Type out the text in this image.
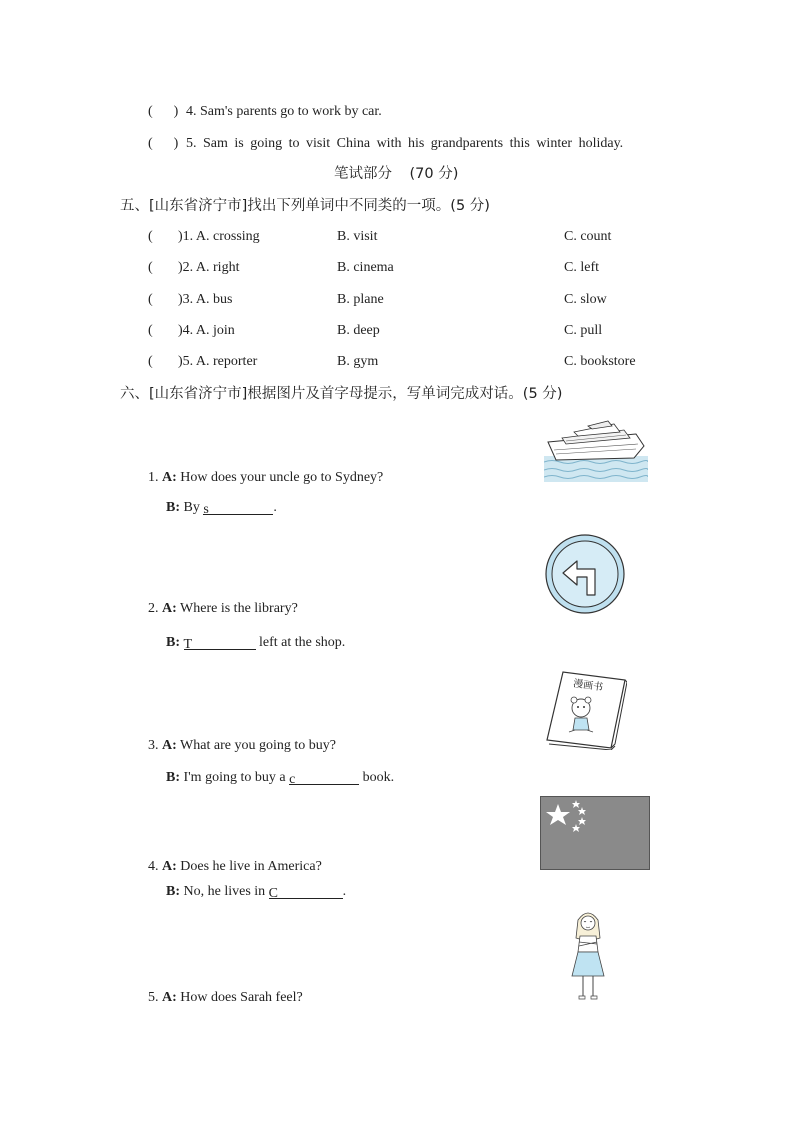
(      ) 4. Sam's parents go to work by car.
(      ) 5. Sam is going to visit China with his grandparents this winter holiday.
笔试部分 (70 分)
五、[山东省济宁市]找出下列单词中不同类的一项。(5 分)
(      )1. A. crossing	B. visit	C. count
(      )2. A. right	B. cinema	C. left
(      )3. A. bus	B. plane	C. slow
(      )4. A. join	B. deep	C. pull
(      )5. A. reporter	B. gym	C. bookstore
六、[山东省济宁市]根据图片及首字母提示，写单词完成对话。(5 分)
1. A: How does your uncle go to Sydney?
B: By s	.
2. A: Where is the library?
B: T	left at the shop.
3. A: What are you going to buy?
B: I'm going to buy a c	book.
4. A: Does he live in America?
B: No, he lives in C	.
5. A: How does Sarah feel?
漫画书
